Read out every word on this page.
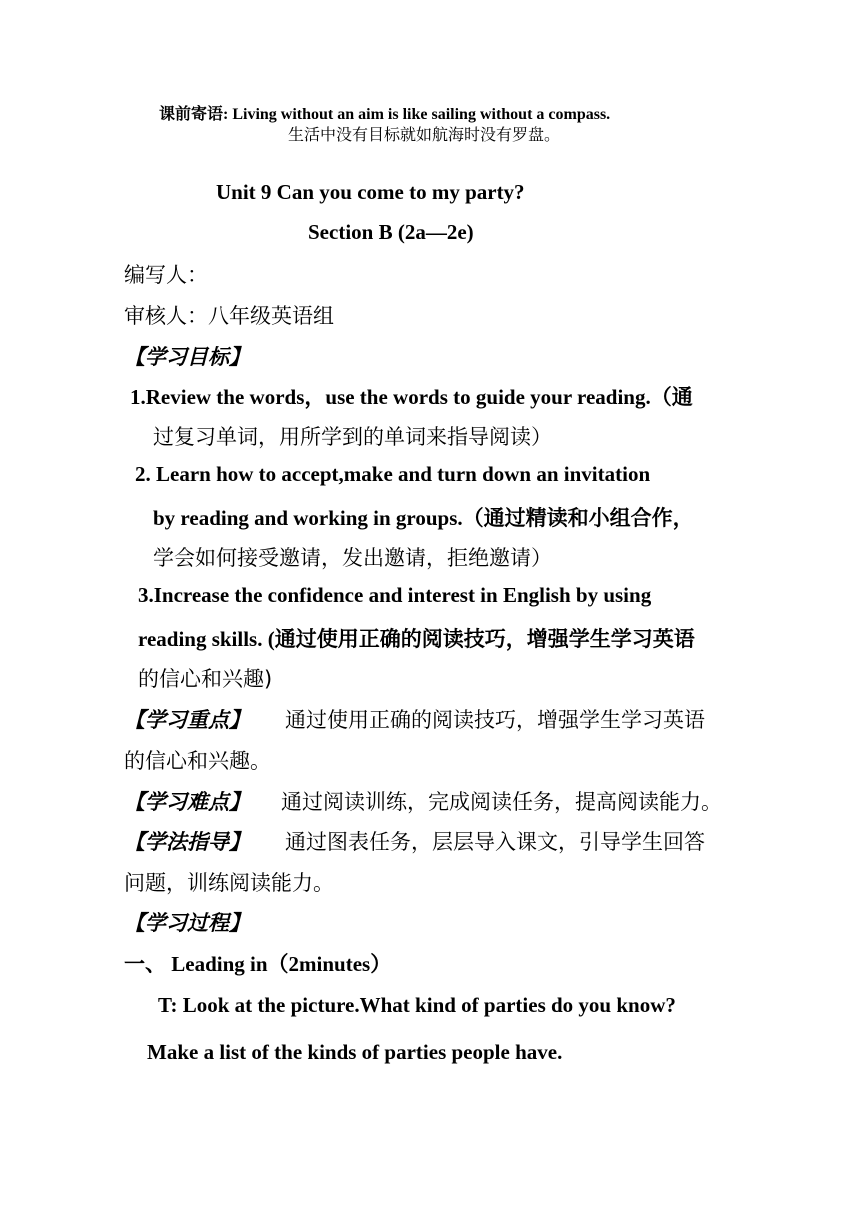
课前寄语: Living without an aim is like sailing without a compass.
生活中没有目标就如航海时没有罗盘。
Unit 9 Can you come to my party?
Section B (2a—2e)
编写人：
审核人：八年级英语组
【学习目标】
1.Review the words，use the words to guide your reading.（通
过复习单词，用所学到的单词来指导阅读）
2. Learn how to accept,make and turn down an invitation
by reading and working in groups.（通过精读和小组合作，
学会如何接受邀请，发出邀请，拒绝邀请）
3.Increase the confidence and interest in English by using
reading skills. (通过使用正确的阅读技巧，增强学生学习英语
的信心和兴趣)
【学习重点】 通过使用正确的阅读技巧，增强学生学习英语
的信心和兴趣。
【学习难点】 通过阅读训练，完成阅读任务，提高阅读能力。
【学法指导】 通过图表任务，层层导入课文，引导学生回答
问题，训练阅读能力。
【学习过程】
一、 Leading in（2minutes）
T: Look at the picture.What kind of parties do you know?
Make a list of the kinds of parties people have.
